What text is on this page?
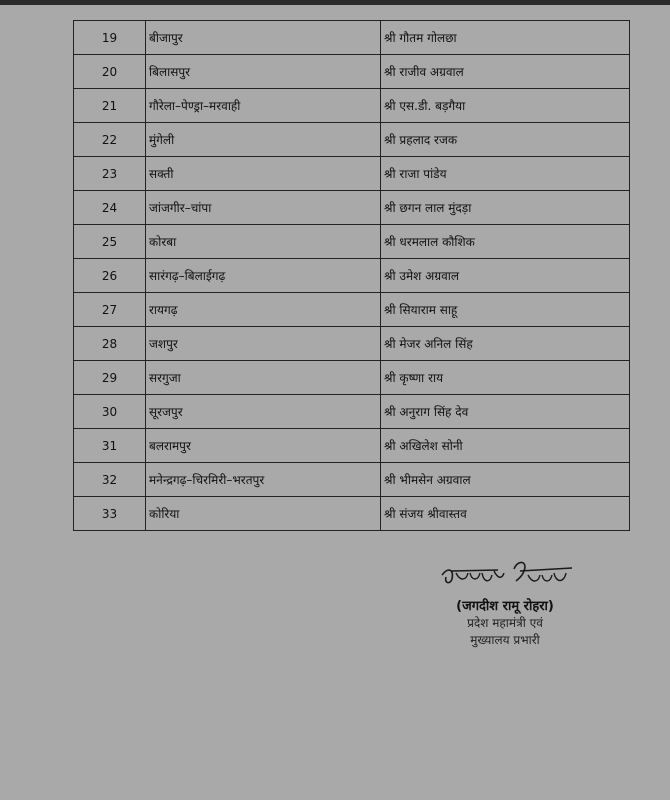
19	बीजापुर	श्री गौतम गोलछा
20	बिलासपुर	श्री राजीव अग्रवाल
21	गौरेला–पेण्ड्रा–मरवाही	श्री एस.डी. बड़गैया
22	मुंगेली	श्री प्रहलाद रजक
23	सक्ती	श्री राजा पांडेय
24	जांजगीर–चांपा	श्री छगन लाल मुंदड़ा
25	कोरबा	श्री धरमलाल कौशिक
26	सारंगढ़–बिलाईगढ़	श्री उमेश अग्रवाल
27	रायगढ़	श्री सियाराम साहू
28	जशपुर	श्री मेजर अनिल सिंह
29	सरगुजा	श्री कृष्णा राय
30	सूरजपुर	श्री अनुराग सिंह देव
31	बलरामपुर	श्री अखिलेश सोनी
32	मनेन्द्रगढ़–चिरमिरी–भरतपुर	श्री भीमसेन अग्रवाल
33	कोरिया	श्री संजय श्रीवास्तव
(जगदीश रामू रोहरा)
प्रदेश महामंत्री एवं
मुख्यालय प्रभारी
